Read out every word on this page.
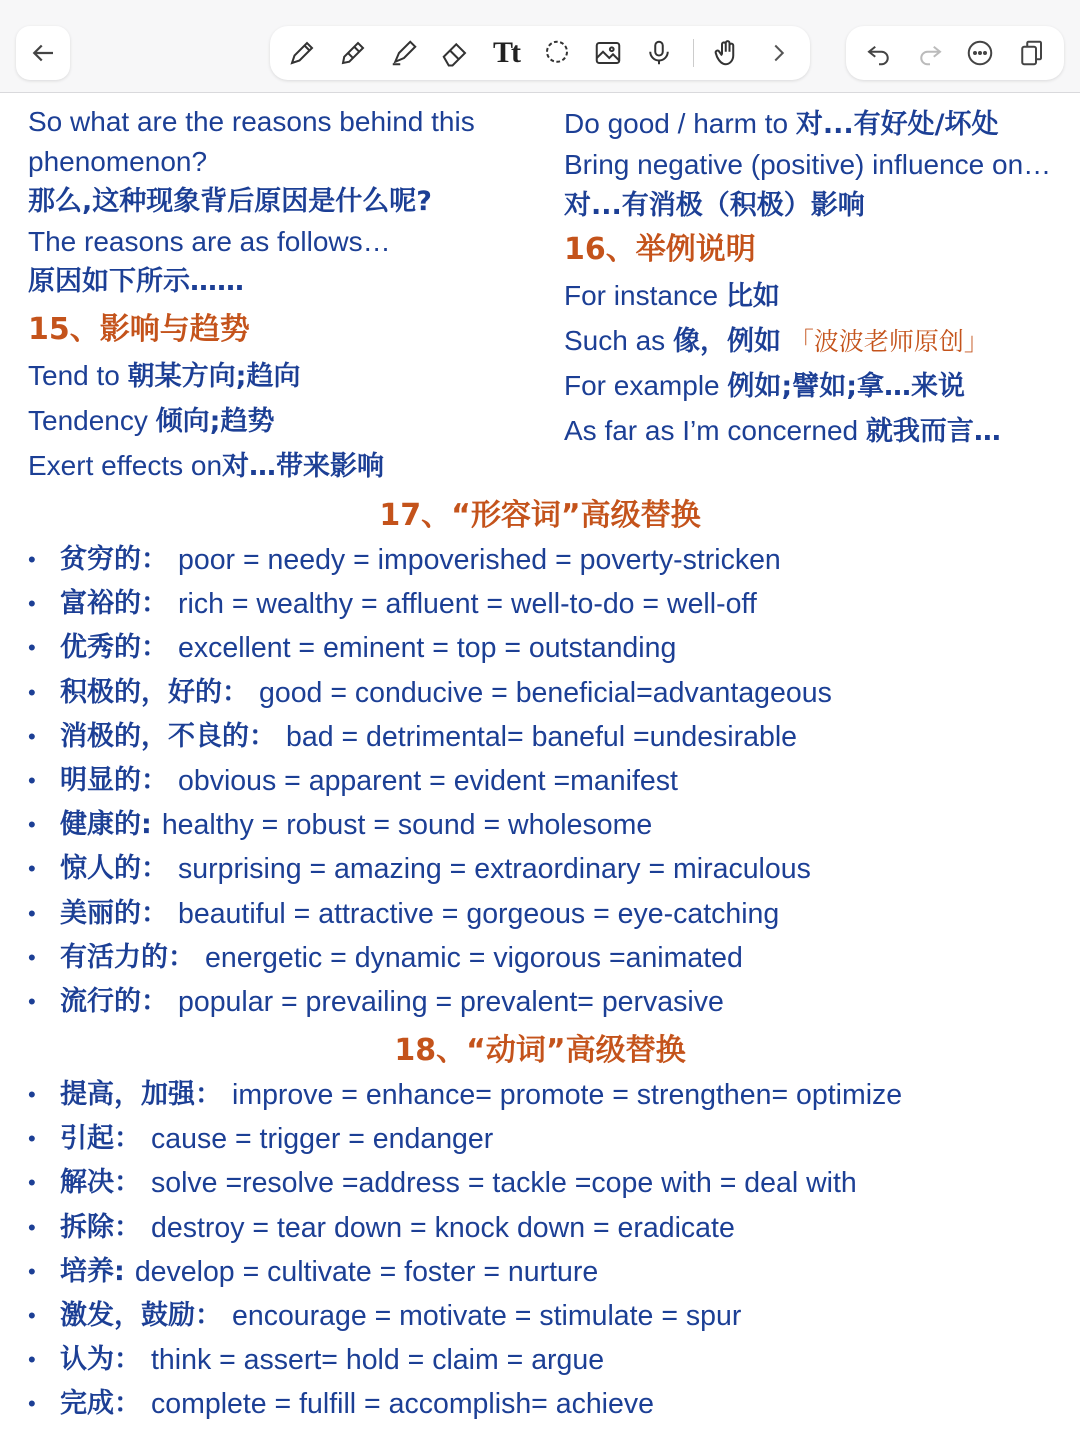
Tt

So what are the reasons behind this phenomenon?

那么,这种现象背后原因是什么呢?

The reasons are as follows…

原因如下所示……

15、影响与趋势

Tend to 朝某方向;趋向

Tendency 倾向;趋势

Exert effects on对…带来影响

Do good / harm to 对...有好处/坏处

Bring negative (positive) influence on… 对...有消极（积极）影响

16、举例说明

For instance 比如

Such as 像，例如 「波波老师原创」

For example 例如;譬如;拿…来说

As far as I’m concerned 就我而言…

17、“形容词”高级替换
• 贫穷的： poor = needy = impoverished = poverty-stricken
• 富裕的： rich = wealthy = affluent = well-to-do = well-off
• 优秀的： excellent = eminent = top = outstanding
• 积极的，好的： good = conducive = beneficial=advantageous
• 消极的，不良的： bad = detrimental= baneful =undesirable
• 明显的： obvious = apparent = evident =manifest
• 健康的: healthy = robust = sound = wholesome
• 惊人的： surprising = amazing = extraordinary = miraculous
• 美丽的： beautiful = attractive = gorgeous = eye-catching
• 有活力的： energetic = dynamic = vigorous =animated
• 流行的： popular = prevailing = prevalent= pervasive
18、“动词”高级替换
• 提高，加强： improve = enhance= promote = strengthen= optimize
• 引起： cause = trigger = endanger
• 解决： solve =resolve =address = tackle =cope with = deal with
• 拆除： destroy = tear down = knock down = eradicate
• 培养: develop = cultivate = foster = nurture
• 激发，鼓励： encourage = motivate = stimulate = spur
• 认为： think = assert= hold = claim = argue
• 完成： complete = fulfill = accomplish= achieve
